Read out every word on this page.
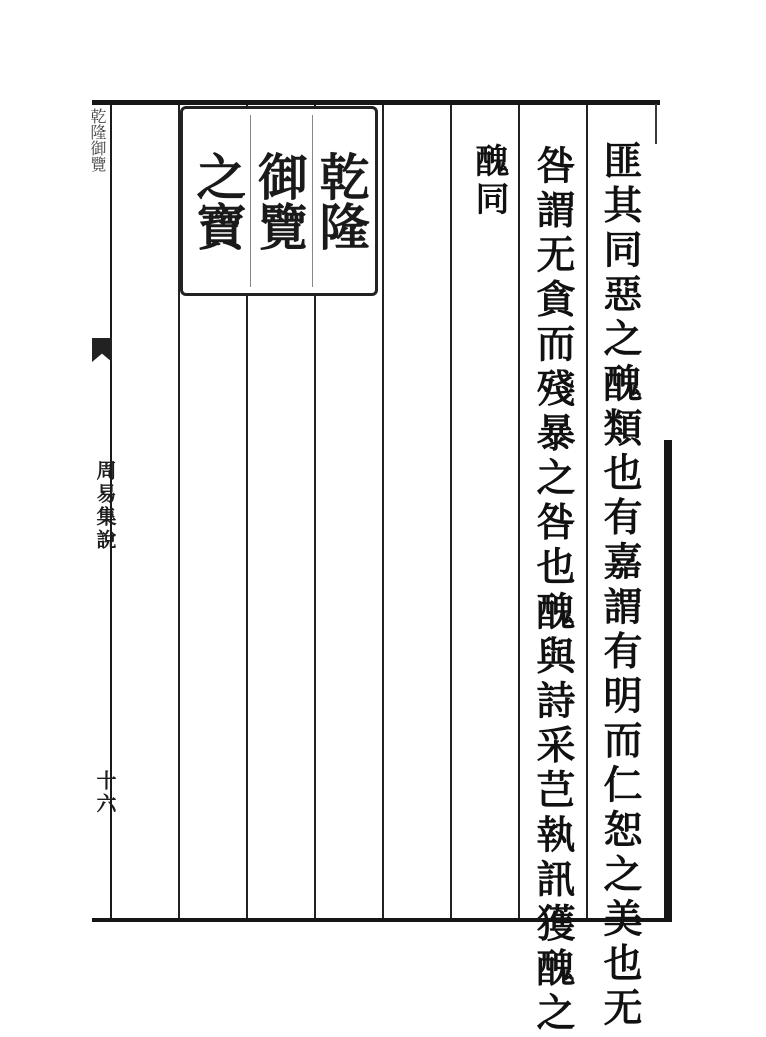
乾隆御覽
周易集說
十六
之寶 御覽 乾隆	匪其同惡之醜類也有嘉謂有明而仁恕之美也无
咎謂无貪而殘暴之咎也醜與詩采芑執訊獲醜之
醜同
